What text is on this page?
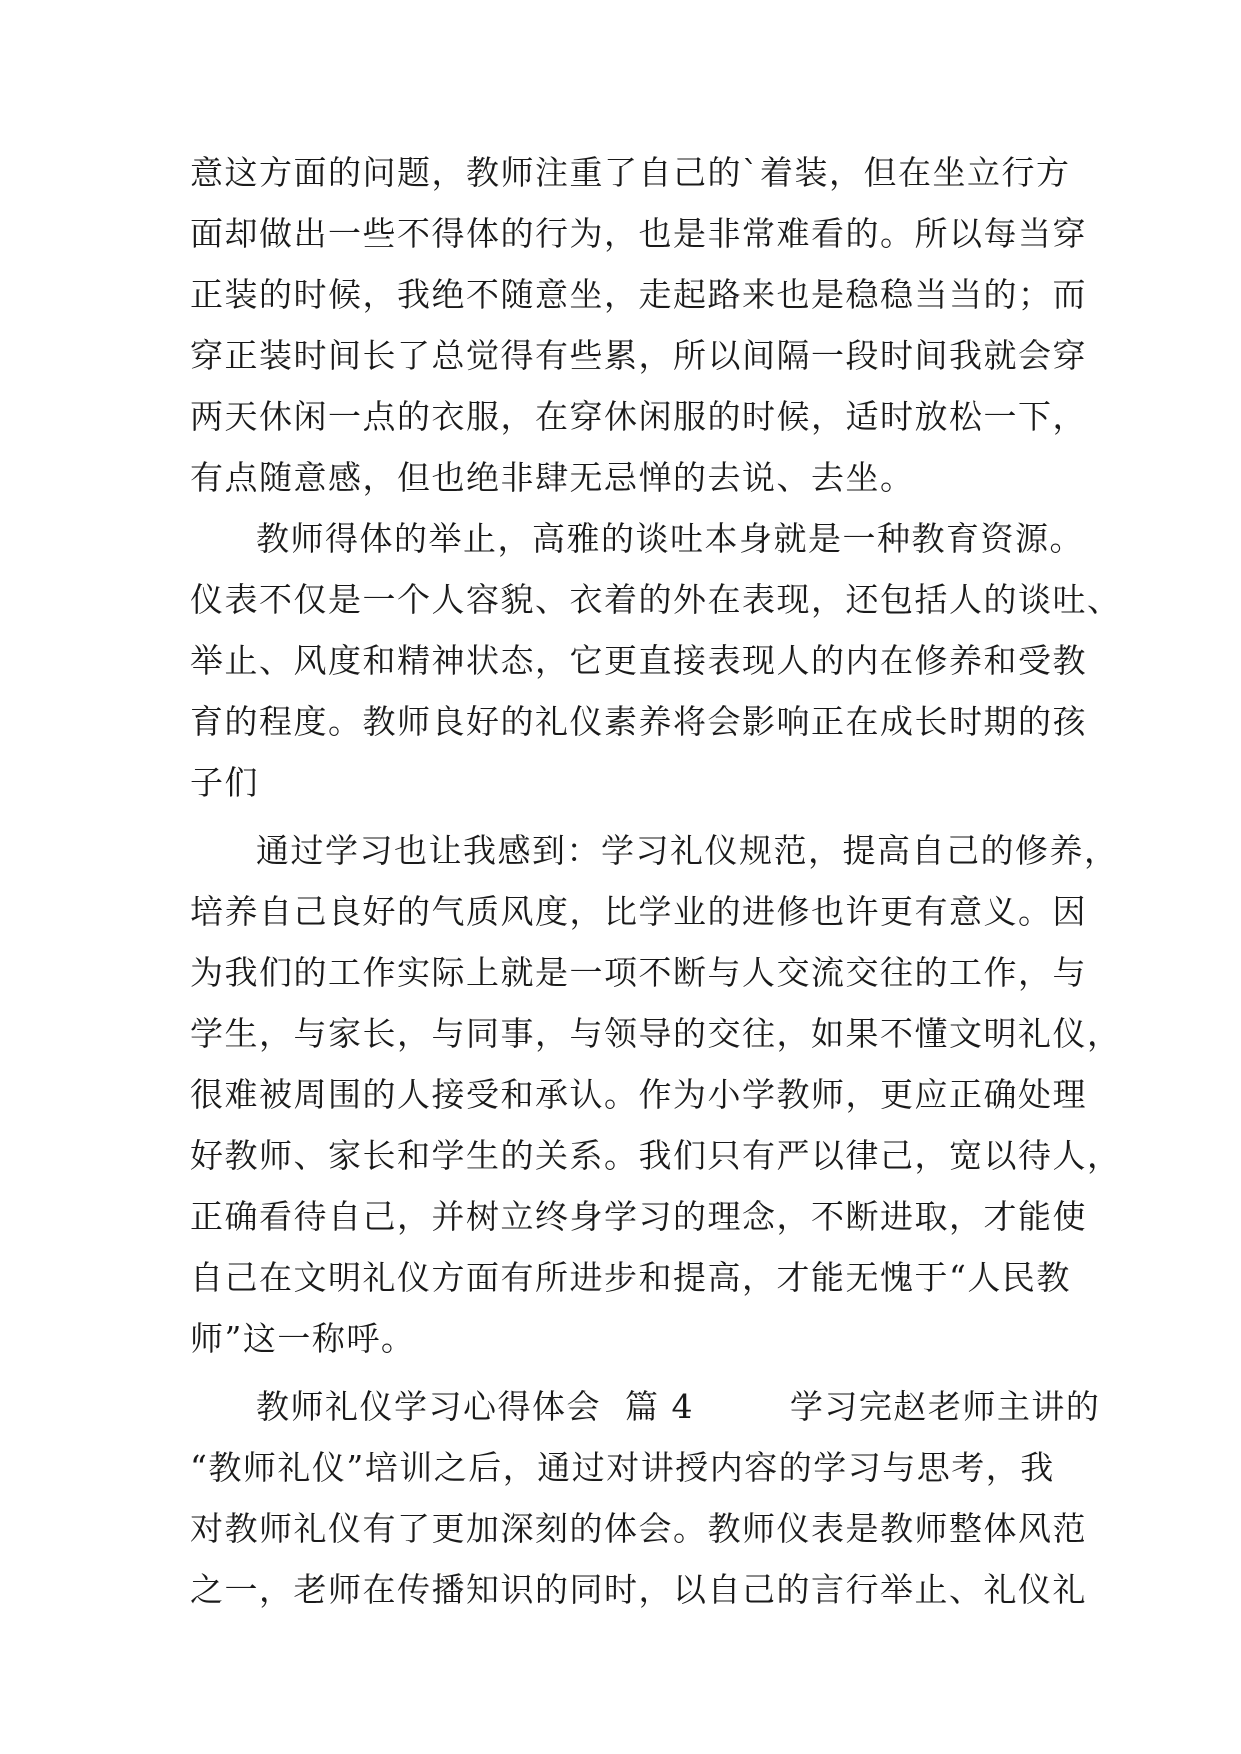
意这方面的问题，教师注重了自己的`着装，但在坐立行方
面却做出一些不得体的行为，也是非常难看的。所以每当穿
正装的时候，我绝不随意坐，走起路来也是稳稳当当的；而
穿正装时间长了总觉得有些累，所以间隔一段时间我就会穿
两天休闲一点的衣服，在穿休闲服的时候，适时放松一下，
有点随意感，但也绝非肆无忌惮的去说、去坐。
教师得体的举止，高雅的谈吐本身就是一种教育资源。
仪表不仅是一个人容貌、衣着的外在表现，还包括人的谈吐、
举止、风度和精神状态，它更直接表现人的内在修养和受教
育的程度。教师良好的礼仪素养将会影响正在成长时期的孩
子们
通过学习也让我感到：学习礼仪规范，提高自己的修养，
培养自己良好的气质风度，比学业的进修也许更有意义。因
为我们的工作实际上就是一项不断与人交流交往的工作，与
学生，与家长，与同事，与领导的交往，如果不懂文明礼仪，
很难被周围的人接受和承认。作为小学教师，更应正确处理
好教师、家长和学生的关系。我们只有严以律己，宽以待人，
正确看待自己，并树立终身学习的理念，不断进取，才能使
自己在文明礼仪方面有所进步和提高，才能无愧于“人民教
师”这一称呼。
教师礼仪学习心得体会  篇 4        学习完赵老师主讲的
“教师礼仪”培训之后，通过对讲授内容的学习与思考，我
对教师礼仪有了更加深刻的体会。教师仪表是教师整体风范
之一，老师在传播知识的同时，以自己的言行举止、礼仪礼
